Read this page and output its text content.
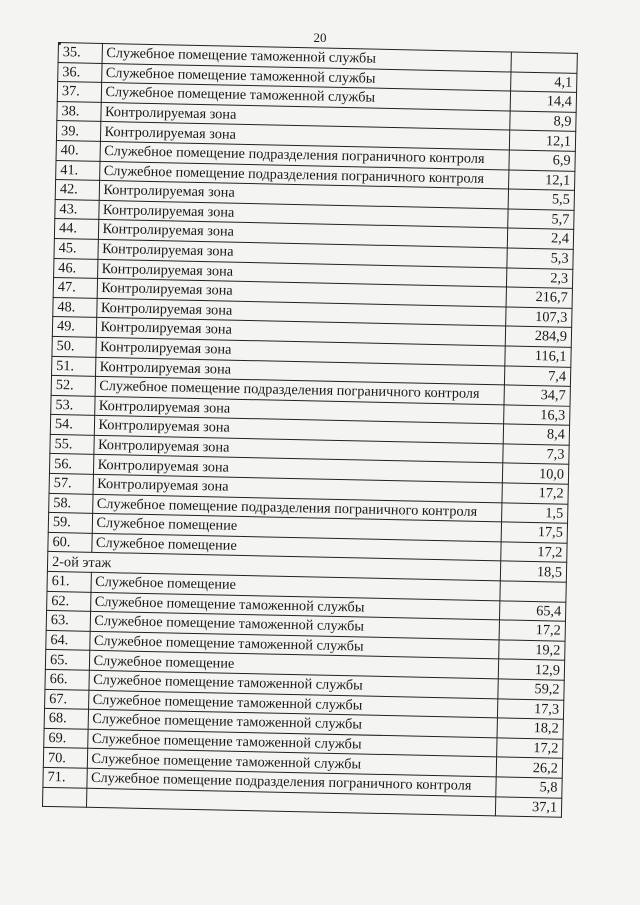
20
35.	Служебное помещение таможенной службы	
36.	Служебное помещение таможенной службы	4,1
37.	Служебное помещение таможенной службы	14,4
38.	Контролируемая зона	8,9
39.	Контролируемая зона	12,1
40.	Служебное помещение подразделения пограничного контроля	6,9
41.	Служебное помещение подразделения пограничного контроля	12,1
42.	Контролируемая зона	5,5
43.	Контролируемая зона	5,7
44.	Контролируемая зона	2,4
45.	Контролируемая зона	5,3
46.	Контролируемая зона	2,3
47.	Контролируемая зона	216,7
48.	Контролируемая зона	107,3
49.	Контролируемая зона	284,9
50.	Контролируемая зона	116,1
51.	Контролируемая зона	7,4
52.	Служебное помещение подразделения пограничного контроля	34,7
53.	Контролируемая зона	16,3
54.	Контролируемая зона	8,4
55.	Контролируемая зона	7,3
56.	Контролируемая зона	10,0
57.	Контролируемая зона	17,2
58.	Служебное помещение подразделения пограничного контроля	1,5
59.	Служебное помещение	17,5
60.	Служебное помещение	17,2
2-ой этаж		18,5
61.	Служебное помещение	
62.	Служебное помещение таможенной службы	65,4
63.	Служебное помещение таможенной службы	17,2
64.	Служебное помещение таможенной службы	19,2
65.	Служебное помещение	12,9
66.	Служебное помещение таможенной службы	59,2
67.	Служебное помещение таможенной службы	17,3
68.	Служебное помещение таможенной службы	18,2
69.	Служебное помещение таможенной службы	17,2
70.	Служебное помещение таможенной службы	26,2
71.	Служебное помещение подразделения пограничного контроля	5,8
		37,1
